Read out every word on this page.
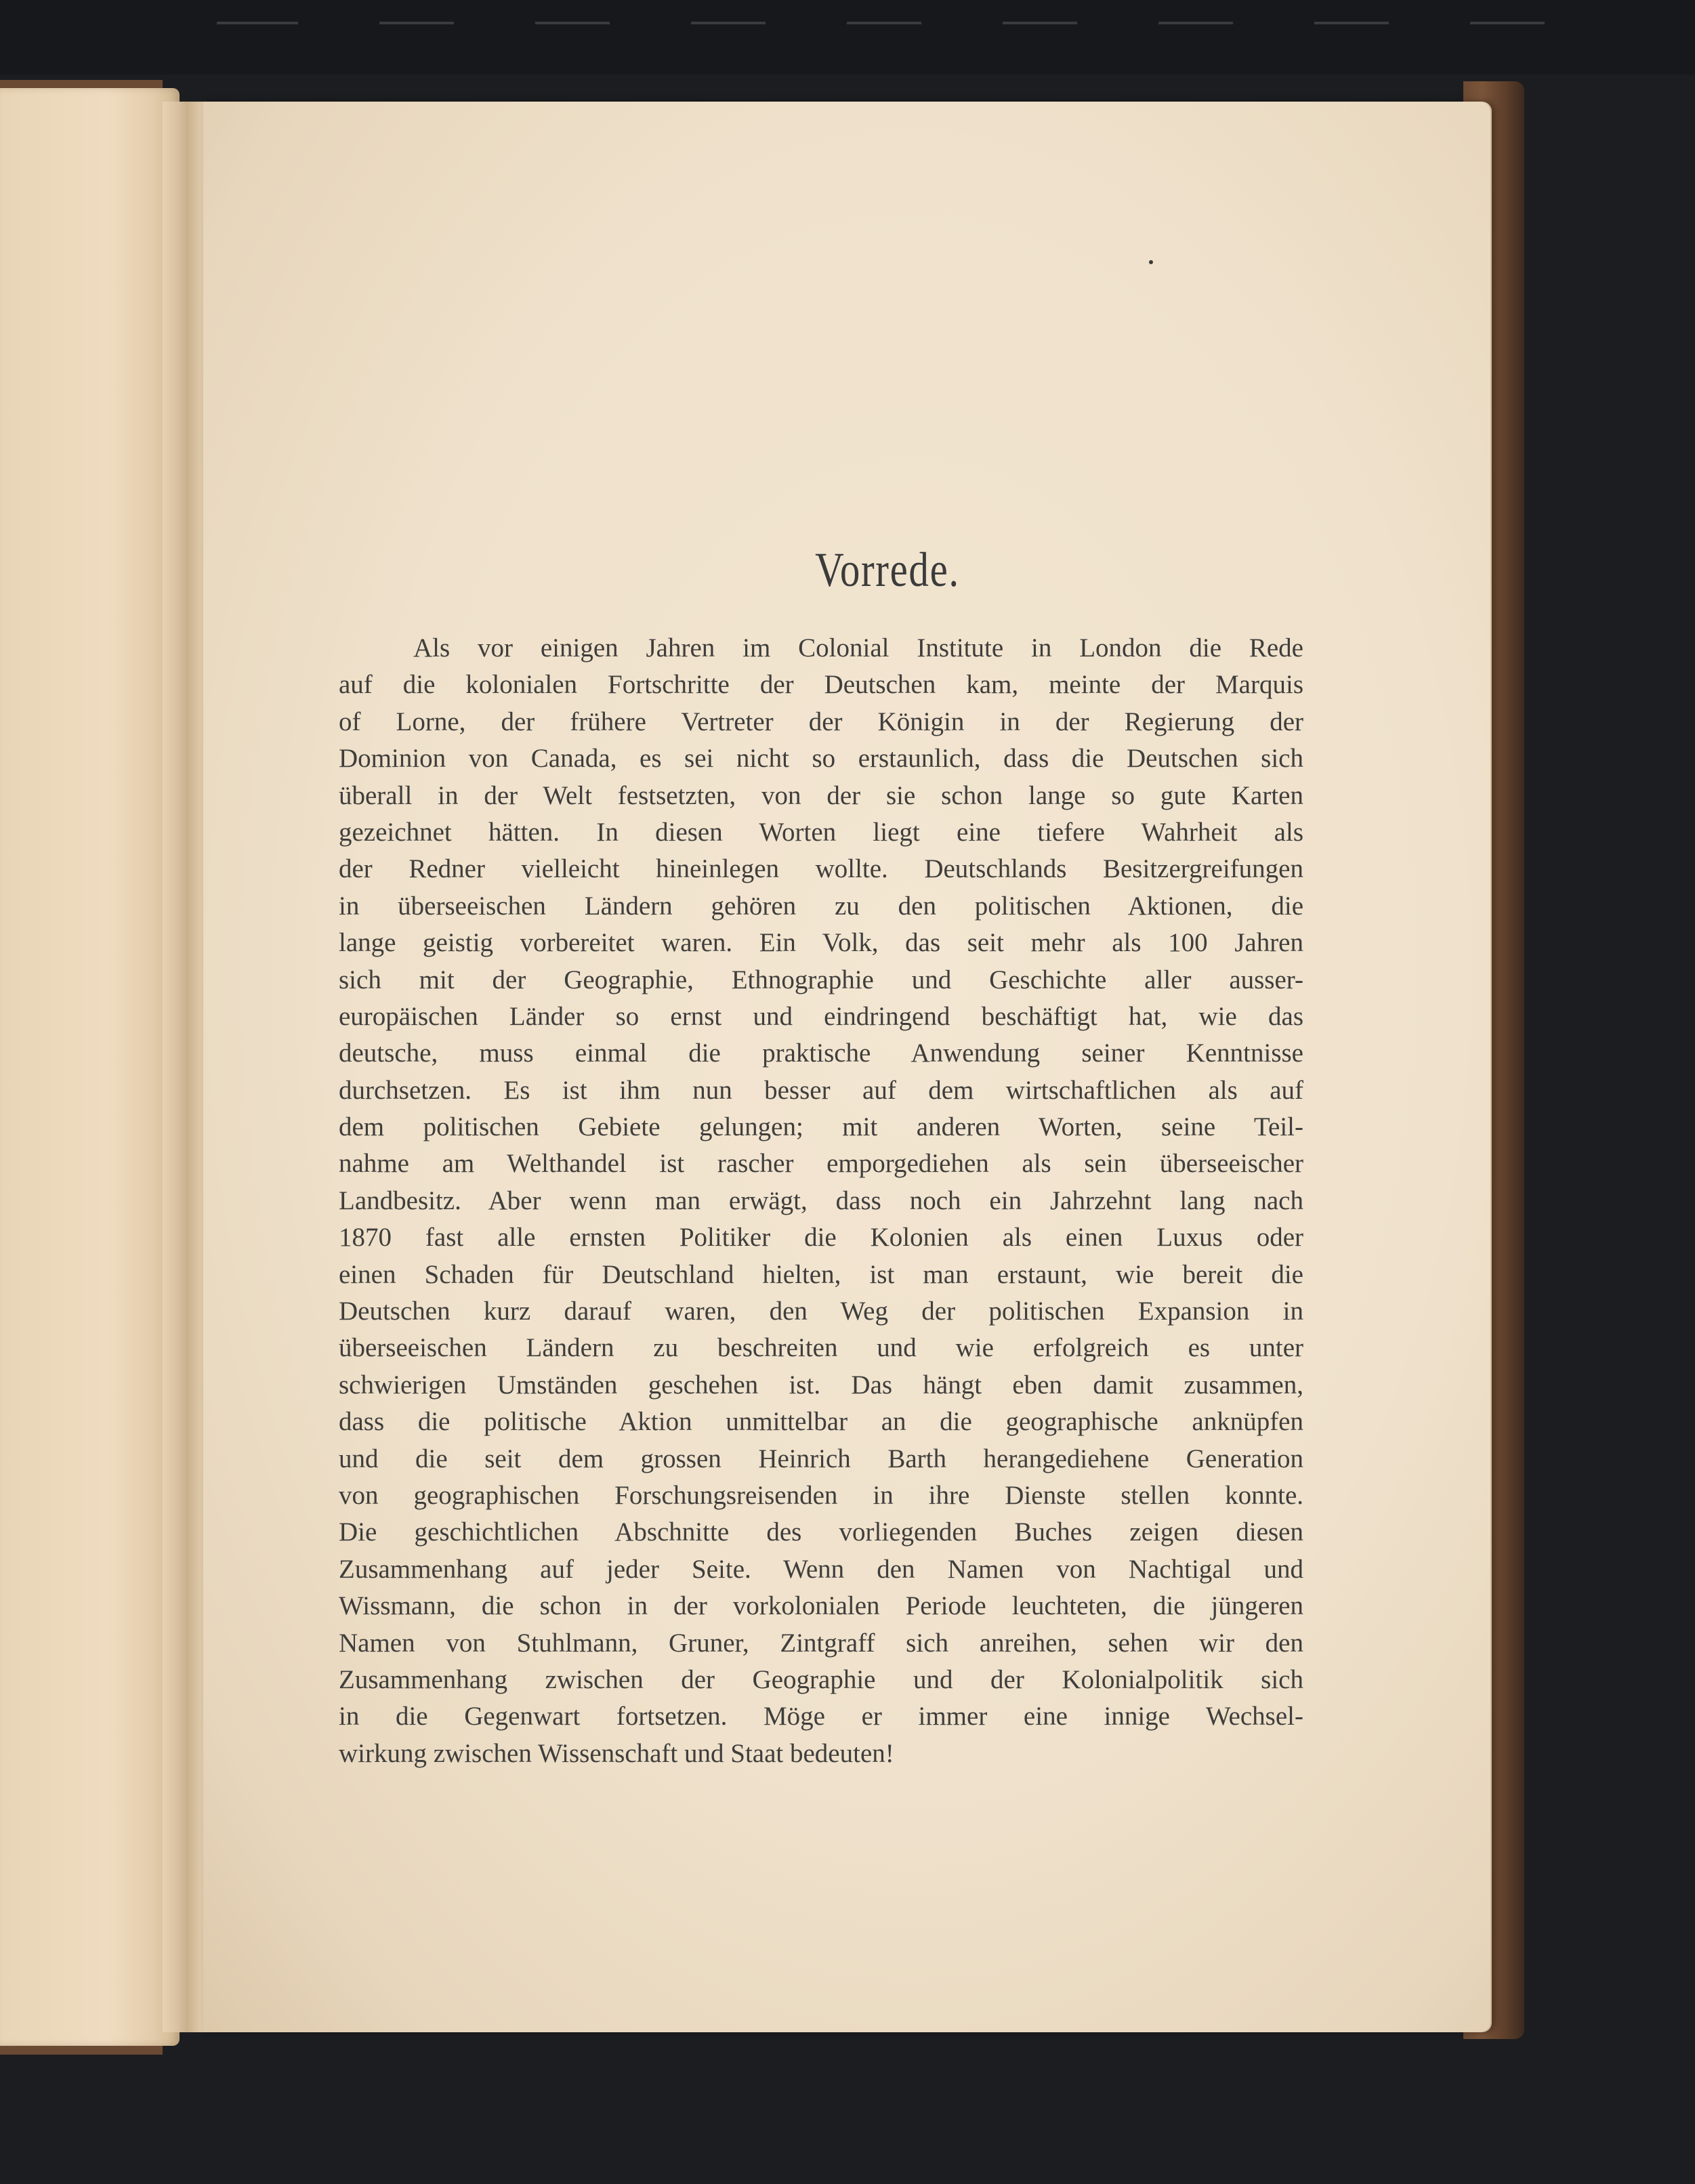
Vorrede.
Als vor einigen Jahren im Colonial Institute in London die Rede
auf die kolonialen Fortschritte der Deutschen kam, meinte der Marquis
of Lorne, der frühere Vertreter der Königin in der Regierung der
Dominion von Canada, es sei nicht so erstaunlich, dass die Deutschen sich
überall in der Welt festsetzten, von der sie schon lange so gute Karten
gezeichnet hätten. In diesen Worten liegt eine tiefere Wahrheit als
der Redner vielleicht hineinlegen wollte. Deutschlands Besitzergreifungen
in überseeischen Ländern gehören zu den politischen Aktionen, die
lange geistig vorbereitet waren. Ein Volk, das seit mehr als 100 Jahren
sich mit der Geographie, Ethnographie und Geschichte aller ausser-
europäischen Länder so ernst und eindringend beschäftigt hat, wie das
deutsche, muss einmal die praktische Anwendung seiner Kenntnisse
durchsetzen. Es ist ihm nun besser auf dem wirtschaftlichen als auf
dem politischen Gebiete gelungen; mit anderen Worten, seine Teil-
nahme am Welthandel ist rascher emporgediehen als sein überseeischer
Landbesitz. Aber wenn man erwägt, dass noch ein Jahrzehnt lang nach
1870 fast alle ernsten Politiker die Kolonien als einen Luxus oder
einen Schaden für Deutschland hielten, ist man erstaunt, wie bereit die
Deutschen kurz darauf waren, den Weg der politischen Expansion in
überseeischen Ländern zu beschreiten und wie erfolgreich es unter
schwierigen Umständen geschehen ist. Das hängt eben damit zusammen,
dass die politische Aktion unmittelbar an die geographische anknüpfen
und die seit dem grossen Heinrich Barth herangediehene Generation
von geographischen Forschungsreisenden in ihre Dienste stellen konnte.
Die geschichtlichen Abschnitte des vorliegenden Buches zeigen diesen
Zusammenhang auf jeder Seite. Wenn den Namen von Nachtigal und
Wissmann, die schon in der vorkolonialen Periode leuchteten, die jüngeren
Namen von Stuhlmann, Gruner, Zintgraff sich anreihen, sehen wir den
Zusammenhang zwischen der Geographie und der Kolonialpolitik sich
in die Gegenwart fortsetzen. Möge er immer eine innige Wechsel-
wirkung zwischen Wissenschaft und Staat bedeuten!
